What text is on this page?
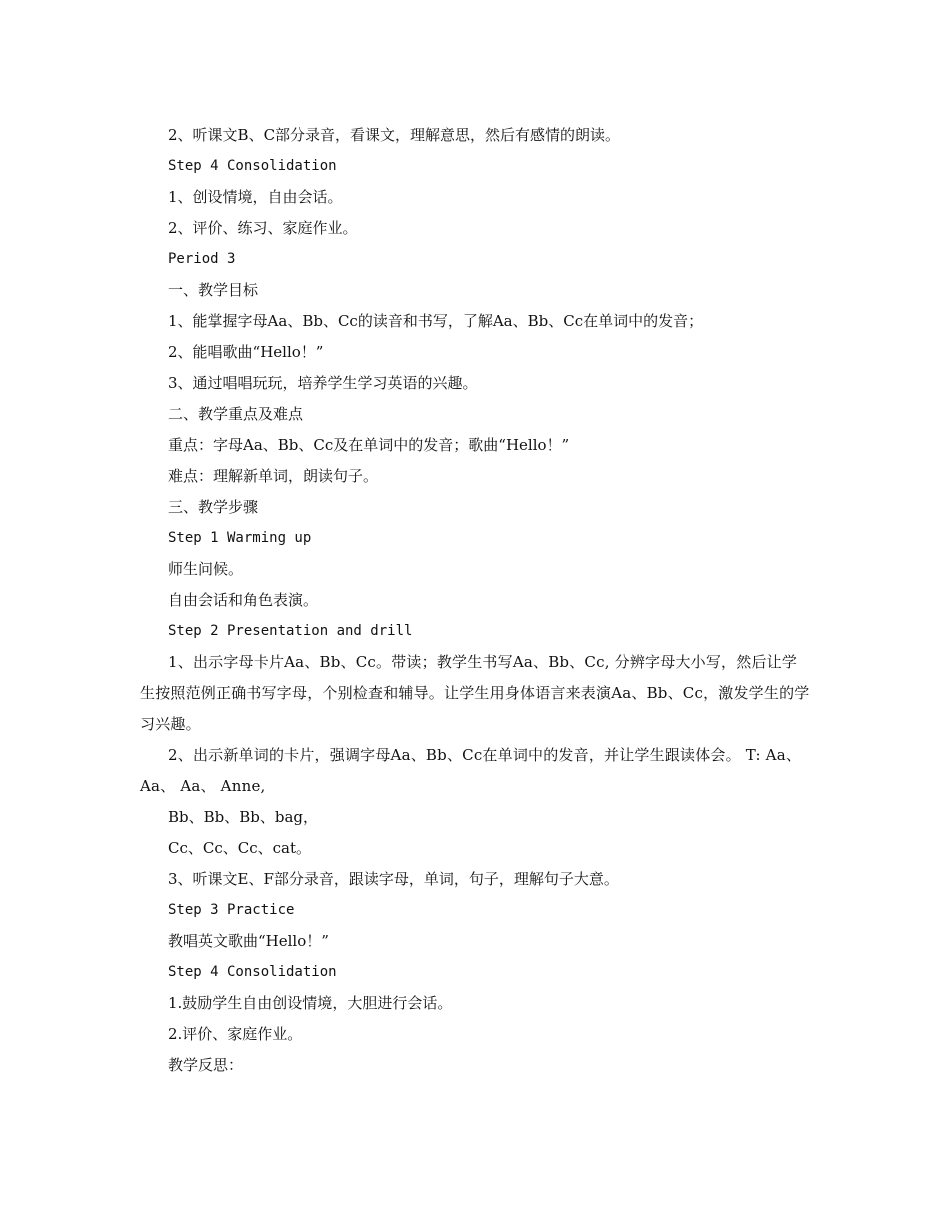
2、听课文B、C部分录音，看课文，理解意思，然后有感情的朗读。
Step 4 Consolidation
1、创设情境，自由会话。
2、评价、练习、家庭作业。
Period 3
一、教学目标
1、能掌握字母Aa、Bb、Cc的读音和书写，了解Aa、Bb、Cc在单词中的发音；
2、能唱歌曲“Hello！”
3、通过唱唱玩玩，培养学生学习英语的兴趣。
二、教学重点及难点
重点：字母Aa、Bb、Cc及在单词中的发音；歌曲“Hello！”
难点：理解新单词，朗读句子。
三、教学步骤
Step 1 Warming up
师生问候。
自由会话和角色表演。
Step 2 Presentation and drill
1、出示字母卡片Aa、Bb、Cc。带读；教学生书写Aa、Bb、Cc, 分辨字母大小写，然后让学生按照范例正确书写字母，个别检查和辅导。让学生用身体语言来表演Aa、Bb、Cc，激发学生的学习兴趣。
2、出示新单词的卡片，强调字母Aa、Bb、Cc在单词中的发音，并让学生跟读体会。 T: Aa、Aa、 Aa、 Anne,
Bb、Bb、Bb、bag，
Cc、Cc、Cc、cat。
3、听课文E、F部分录音，跟读字母，单词，句子，理解句子大意。
Step 3 Practice
教唱英文歌曲“Hello！”
Step 4 Consolidation
1.鼓励学生自由创设情境，大胆进行会话。
2.评价、家庭作业。
教学反思：
